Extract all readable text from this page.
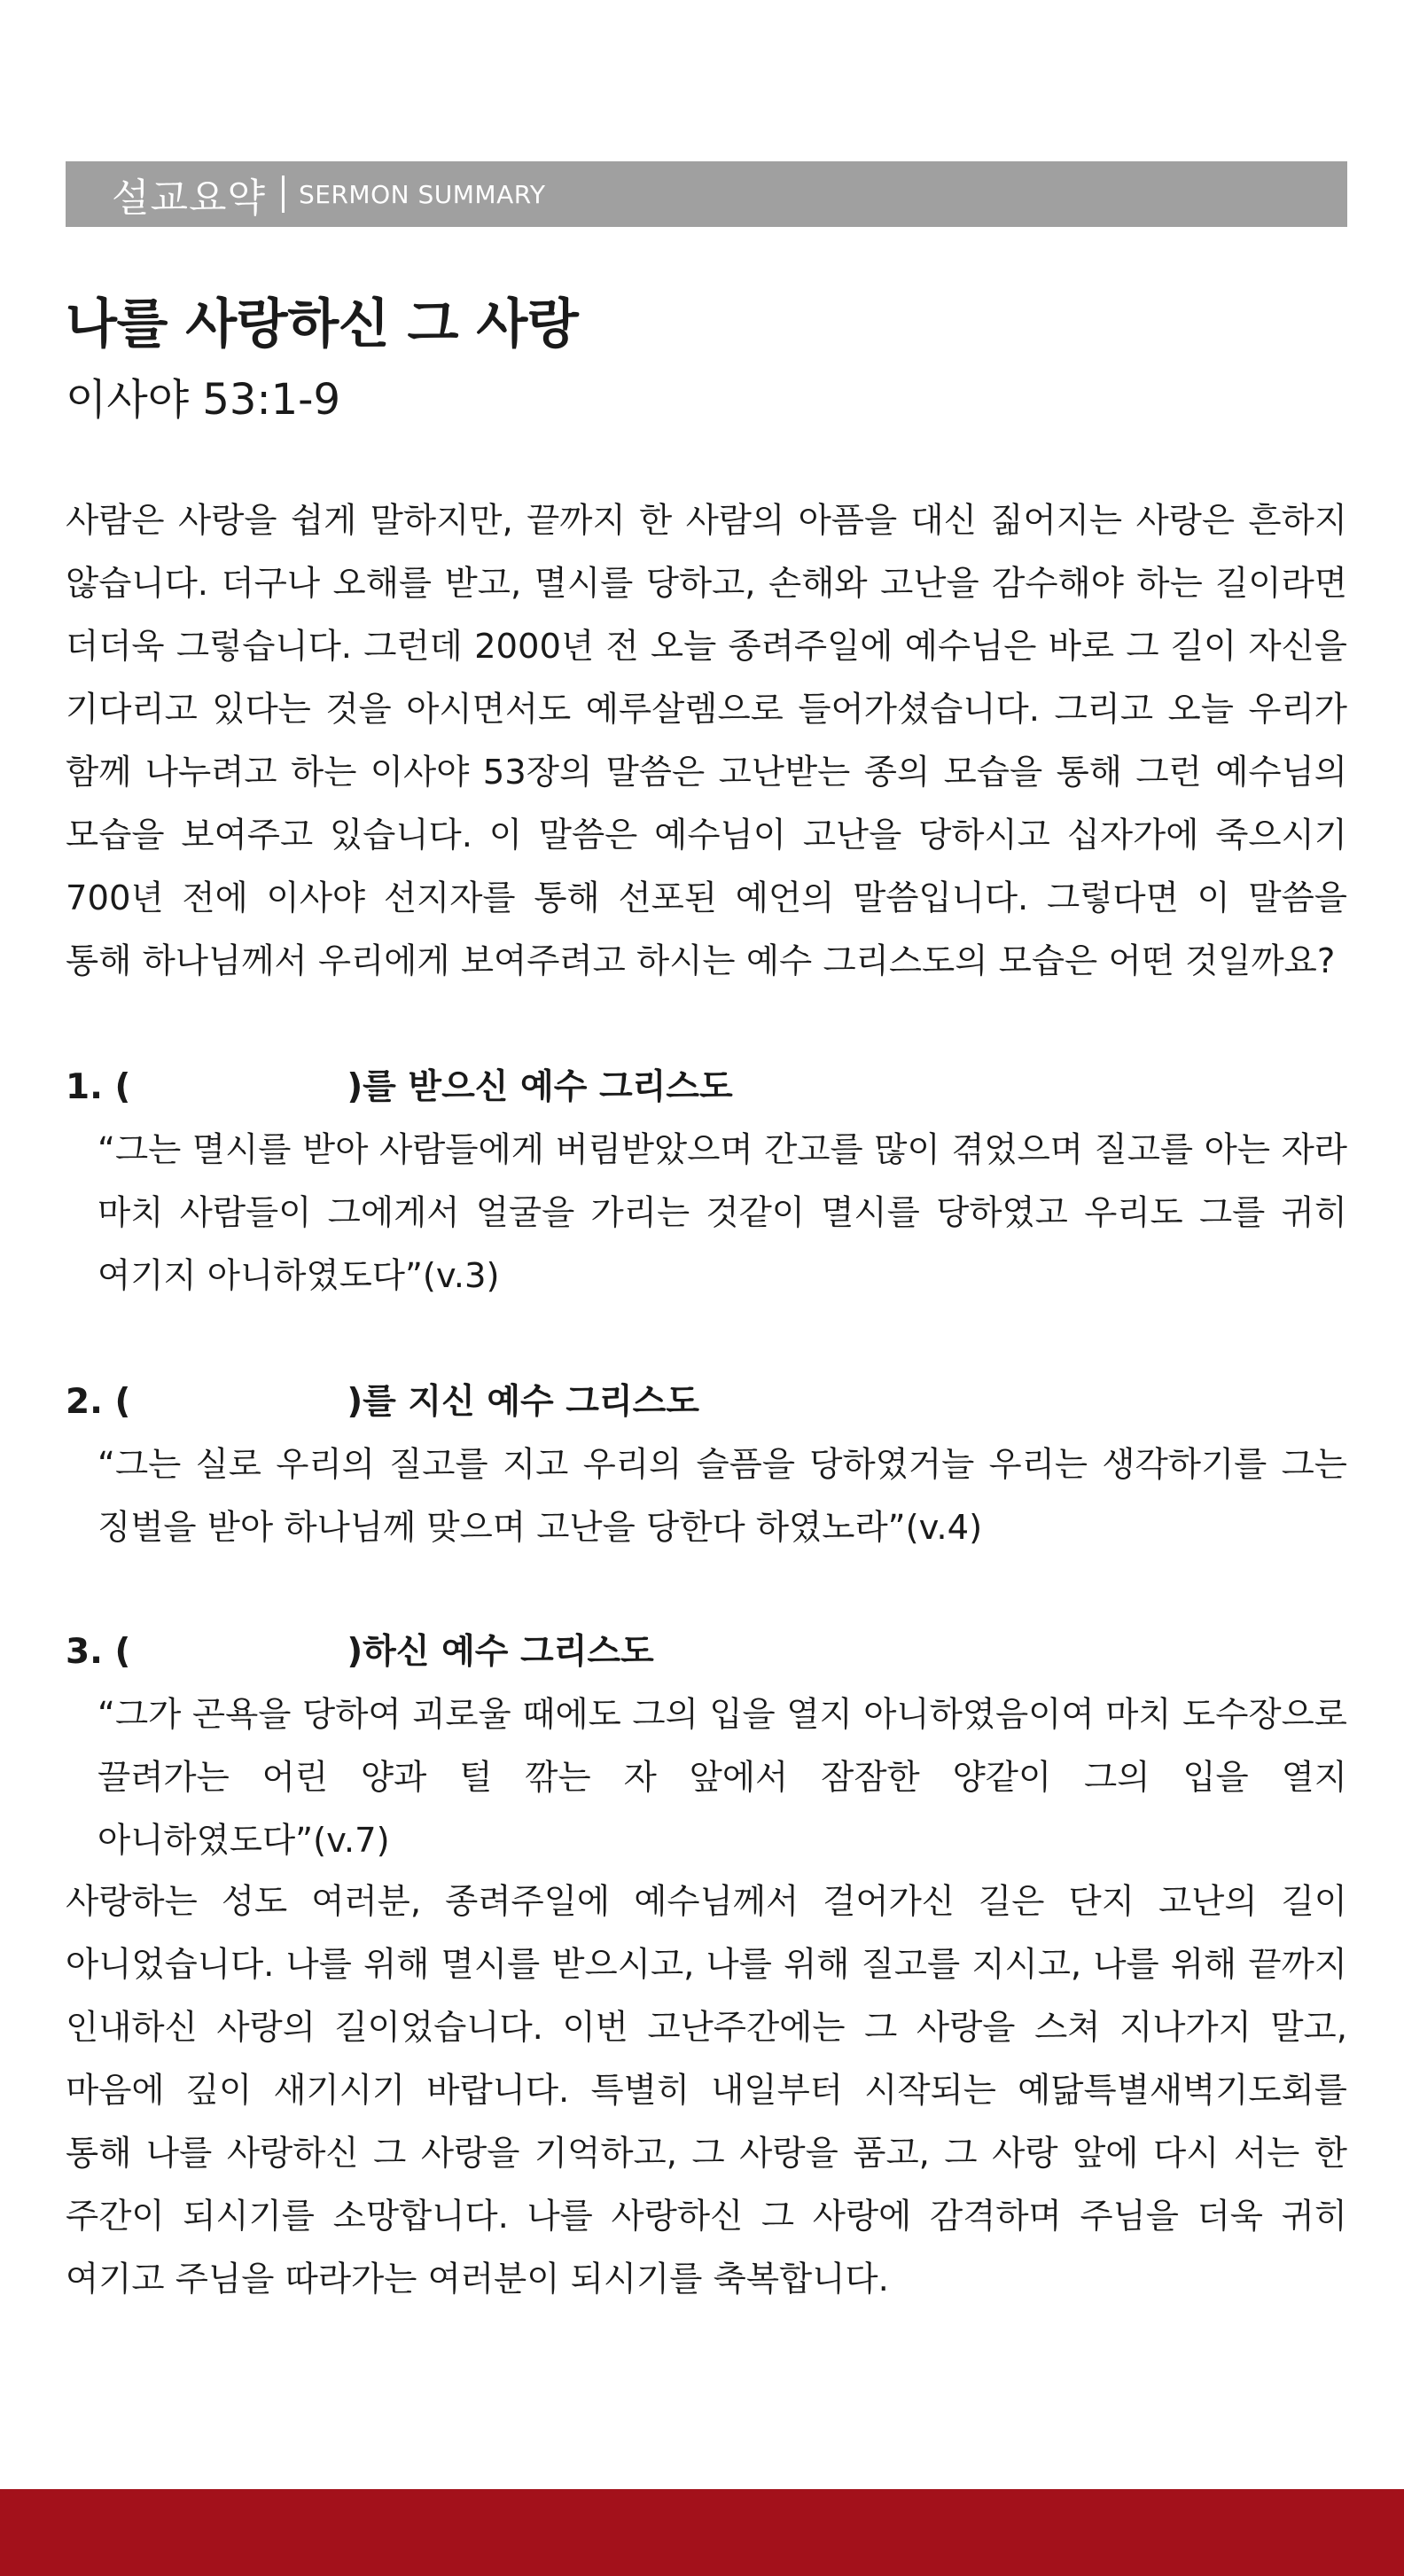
설교요약 SERMON SUMMARY
나를 사랑하신 그 사랑

이사야 53:1-9

사람은 사랑을 쉽게 말하지만, 끝까지 한 사람의 아픔을 대신 짊어지는 사랑은 흔하지 않습니다. 더구나 오해를 받고, 멸시를 당하고, 손해와 고난을 감수해야 하는 길이라면 더더욱 그렇습니다. 그런데 2000년 전 오늘 종려주일에 예수님은 바로 그 길이 자신을 기다리고 있다는 것을 아시면서도 예루살렘으로 들어가셨습니다. 그리고 오늘 우리가 함께 나누려고 하는 이사야 53장의 말씀은 고난받는 종의 모습을 통해 그런 예수님의 모습을 보여주고 있습니다. 이 말씀은 예수님이 고난을 당하시고 십자가에 죽으시기 700년 전에 이사야 선지자를 통해 선포된 예언의 말씀입니다. 그렇다면 이 말씀을 통해 하나님께서 우리에게 보여주려고 하시는 예수 그리스도의 모습은 어떤 것일까요?

1. (	)를 받으신 예수 그리스도

“그는 멸시를 받아 사람들에게 버림받았으며 간고를 많이 겪었으며 질고를 아는 자라 마치 사람들이 그에게서 얼굴을 가리는 것같이 멸시를 당하였고 우리도 그를 귀히 여기지 아니하였도다”(v.3)

2. (	)를 지신 예수 그리스도

“그는 실로 우리의 질고를 지고 우리의 슬픔을 당하였거늘 우리는 생각하기를 그는 징벌을 받아 하나님께 맞으며 고난을 당한다 하였노라”(v.4)

3. (	)하신 예수 그리스도

“그가 곤욕을 당하여 괴로울 때에도 그의 입을 열지 아니하였음이여 마치 도수장으로 끌려가는 어린 양과 털 깎는 자 앞에서 잠잠한 양같이 그의 입을 열지 아니하였도다”(v.7)

사랑하는 성도 여러분, 종려주일에 예수님께서 걸어가신 길은 단지 고난의 길이 아니었습니다. 나를 위해 멸시를 받으시고, 나를 위해 질고를 지시고, 나를 위해 끝까지 인내하신 사랑의 길이었습니다. 이번 고난주간에는 그 사랑을 스쳐 지나가지 말고, 마음에 깊이 새기시기 바랍니다. 특별히 내일부터 시작되는 예닮특별새벽기도회를 통해 나를 사랑하신 그 사랑을 기억하고, 그 사랑을 품고, 그 사랑 앞에 다시 서는 한 주간이 되시기를 소망합니다. 나를 사랑하신 그 사랑에 감격하며 주님을 더욱 귀히 여기고 주님을 따라가는 여러분이 되시기를 축복합니다.
